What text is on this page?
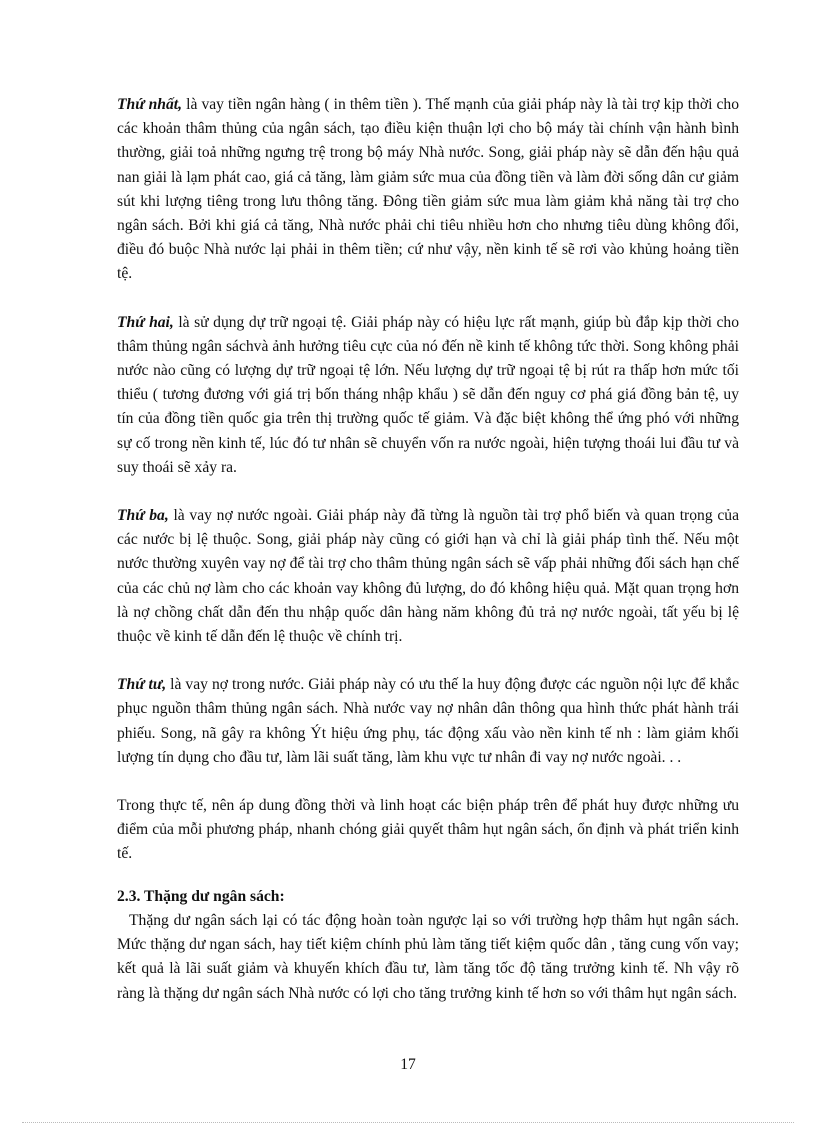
Thứ nhất, là vay tiền ngân hàng ( in thêm tiền ). Thế mạnh của giải pháp này là tài trợ kịp thời cho các khoản thâm thủng của ngân sách, tạo điều kiện thuận lợi cho bộ máy tài chính vận hành bình thường, giải toả những ngưng trệ trong bộ máy Nhà nước. Song, giải pháp này sẽ dẫn đến hậu quả nan giải là lạm phát cao, giá cả tăng, làm giảm sức mua của đồng tiền và làm đời sống dân cư giảm sút khi lượng tiêng trong lưu thông tăng. Đông tiền giảm sức mua làm giảm khả năng tài trợ cho ngân sách. Bởi khi giá cả tăng, Nhà nước phải chi tiêu nhiều hơn cho nhưng tiêu dùng không đổi, điều đó buộc Nhà nước lại phải in thêm tiền; cứ như vậy, nền kinh tế sẽ rơi vào khủng hoảng tiền tệ.

Thứ hai, là sử dụng dự trữ ngoại tệ. Giải pháp này có hiệu lực rất mạnh, giúp bù đắp kịp thời cho thâm thủng ngân sáchvà ảnh hưởng tiêu cực của nó đến nề kinh tế không tức thời. Song không phải nước nào cũng có lượng dự trữ ngoại tệ lớn. Nếu lượng dự trữ ngoại tệ bị rút ra thấp hơn mức tối thiểu ( tương đương với giá trị bốn tháng nhập khẩu ) sẽ dẫn đến nguy cơ phá giá đồng bản tệ, uy tín của đồng tiền quốc gia trên thị trường quốc tế giảm. Và đặc biệt không thể ứng phó với những sự cố trong nền kinh tế, lúc đó tư nhân sẽ chuyển vốn ra nước ngoài, hiện tượng thoái lui đầu tư và suy thoái sẽ xảy ra.

Thứ ba, là vay nợ nước ngoài. Giải pháp này đã từng là nguồn tài trợ phổ biến và quan trọng của các nước bị lệ thuộc. Song, giải pháp này cũng có giới hạn và chỉ là giải pháp tình thế. Nếu một nước thường xuyên vay nợ để tài trợ cho thâm thủng ngân sách sẽ vấp phải những đối sách hạn chế của các chủ nợ làm cho các khoản vay không đủ lượng, do đó không hiệu quả. Mặt quan trọng hơn là nợ chồng chất dẫn đến thu nhập quốc dân hàng năm không đủ trả nợ nước ngoài, tất yếu bị lệ thuộc về kinh tế dẫn đến lệ thuộc về chính trị.

Thứ tư, là vay nợ trong nước. Giải pháp này có ưu thế la huy động được các nguồn nội lực để khắc phục nguồn thâm thủng ngân sách. Nhà nước vay nợ nhân dân thông qua hình thức phát hành trái phiếu. Song, nã gây ra không Ýt hiệu ứng phụ, tác động xấu vào nền kinh tế nh : làm giảm khối lượng tín dụng cho đầu tư, làm lãi suất tăng, làm khu vực tư nhân đi vay nợ nước ngoài. . .

Trong thực tế, nên áp dung đồng thời và linh hoạt các biện pháp trên để phát huy được những ưu điểm của mỗi phương pháp, nhanh chóng giải quyết thâm hụt ngân sách, ổn định và phát triển kinh tế.

2.3. Thặng dư ngân sách:

Thặng dư ngân sách lại có tác động hoàn toàn ngược lại so với trường hợp thâm hụt ngân sách. Mức thặng dư ngan sách, hay tiết kiệm chính phủ làm tăng tiết kiệm quốc dân , tăng cung vốn vay; kết quả là lãi suất giảm và khuyến khích đầu tư, làm tăng tốc độ tăng trưởng kinh tế. Nh vậy rõ ràng là thặng dư ngân sách Nhà nước có lợi cho tăng trưởng kinh tế hơn so với thâm hụt ngân sách.

17
